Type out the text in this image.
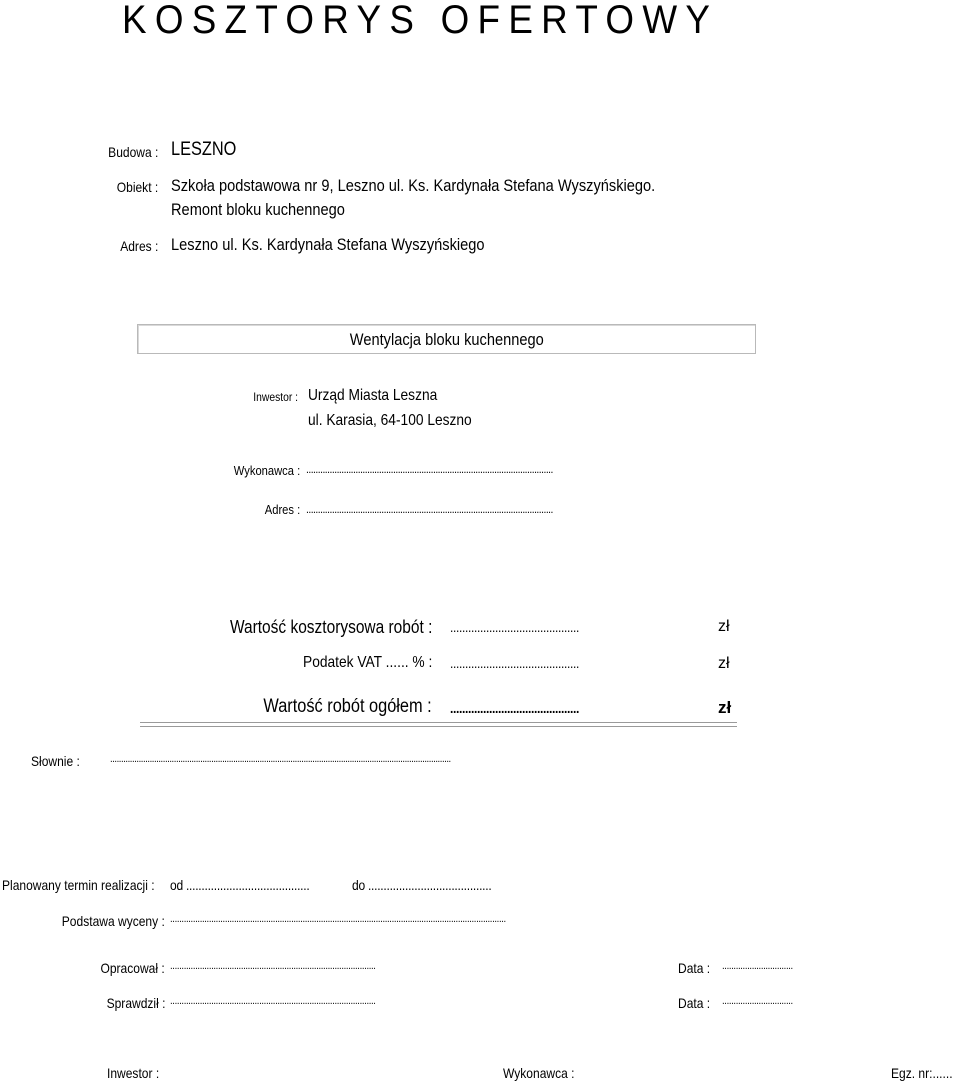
KOSZTORYS OFERTOWY
Budowa : LESZNO
Obiekt : Szkoła podstawowa nr 9, Leszno ul. Ks. Kardynała Stefana Wyszyńskiego.
Remont bloku kuchennego
Adres : Leszno ul. Ks. Kardynała Stefana Wyszyńskiego
Wentylacja bloku kuchennego
Inwestor : Urząd Miasta Leszna
ul. Karasia, 64-100 Leszno
Wykonawca : .........................................................................................................
Adres : .........................................................................................................
Wartość kosztorysowa robót : ...........................................	zł
Podatek VAT ...... % : ...........................................	zł
Wartość robót ogółem : ...........................................	zł
Słownie :	...........................................................................................................................................................
Planowany termin realizacji : od ........................................	do ........................................
Podstawa wyceny : ...................................................................................................................................................
Opracował : ..........................................................................................	Data : ...............................
Sprawdził : ..........................................................................................	Data : ...............................
Inwestor :	Wykonawca :	Egz. nr:......
